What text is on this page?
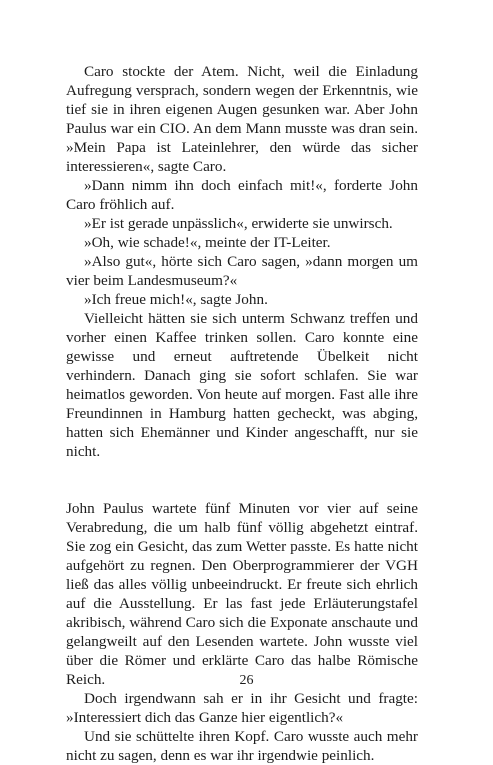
Caro stockte der Atem. Nicht, weil die Einladung Aufregung versprach, sondern wegen der Erkenntnis, wie tief sie in ihren eigenen Augen gesunken war. Aber John Paulus war ein CIO. An dem Mann musste was dran sein. »Mein Papa ist Lateinlehrer, den würde das sicher interessieren«, sagte Caro.

»Dann nimm ihn doch einfach mit!«, forderte John Caro fröhlich auf.

»Er ist gerade unpässlich«, erwiderte sie unwirsch.

»Oh, wie schade!«, meinte der IT-Leiter.

»Also gut«, hörte sich Caro sagen, »dann morgen um vier beim Landesmuseum?«

»Ich freue mich!«, sagte John.

Vielleicht hätten sie sich unterm Schwanz treffen und vorher einen Kaffee trinken sollen. Caro konnte eine gewisse und erneut auftretende Übelkeit nicht verhindern. Danach ging sie sofort schlafen. Sie war heimatlos geworden. Von heute auf morgen. Fast alle ihre Freundinnen in Hamburg hatten gecheckt, was abging, hatten sich Ehemänner und Kinder angeschafft, nur sie nicht.

John Paulus wartete fünf Minuten vor vier auf seine Verabredung, die um halb fünf völlig abgehetzt eintraf. Sie zog ein Gesicht, das zum Wetter passte. Es hatte nicht aufgehört zu regnen. Den Oberprogrammierer der VGH ließ das alles völlig unbeeindruckt. Er freute sich ehrlich auf die Ausstellung. Er las fast jede Erläuterungstafel akribisch, während Caro sich die Exponate anschaute und gelangweilt auf den Lesenden wartete. John wusste viel über die Römer und erklärte Caro das halbe Römische Reich.

Doch irgendwann sah er in ihr Gesicht und fragte: »Interessiert dich das Ganze hier eigentlich?«

Und sie schüttelte ihren Kopf. Caro wusste auch mehr nicht zu sagen, denn es war ihr irgendwie peinlich.

26
